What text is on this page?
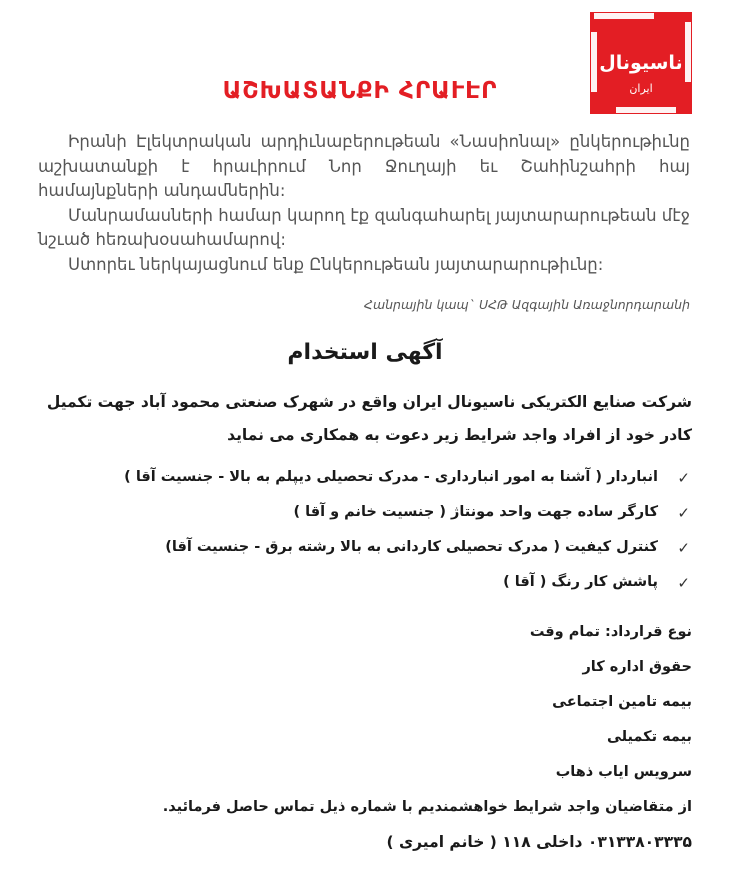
ناسیونال
ایران
ԱՇԽԱՏԱՆՔԻ ՀՐԱՒԷՐ

Իրանի Էլեկտրական արդիւնաբերութեան «Նասիոնալ» ընկերութիւնը աշխատանքի է հրաւիրում Նոր Ջուղայի եւ Շահինշահրի հայ համայնքների անդամներին:

Մանրամասների համար կարող էք զանգահարել յայտարարութեան մէջ նշւած հեռախօսահամարով:

Ստորեւ ներկայացնում ենք Ընկերութեան յայտարարութիւնը:

Հանրային կապ` ՍՀԹ Ազգային Առաջնորդարանի
آگهی استخدام
شرکت صنایع الکتریکی ناسیونال ایران واقع در شهرک صنعتی محمود آباد جهت تکمیل کادر خود از افراد واجد شرایط زیر دعوت به همکاری می نماید
✓
انباردار ( آشنا به امور انبارداری - مدرک تحصیلی دیپلم به بالا - جنسیت آقا )
✓
کارگر ساده جهت واحد مونتاژ ( جنسیت خانم و آقا )
✓
کنترل کیفیت ( مدرک تحصیلی کاردانی به بالا رشته برق - جنسیت آقا)
✓
پاشش کار رنگ ( آقا )
نوع قرارداد: تمام وقت
حقوق اداره کار
بیمه تامین اجتماعی
بیمه تکمیلی
سرویس ایاب ذهاب
از متقاضیان واجد شرایط خواهشمندیم با شماره ذیل تماس حاصل فرمائید.
۰۳۱۳۳۸۰۳۳۳۵ داخلی ۱۱۸ ( خانم امیری )
